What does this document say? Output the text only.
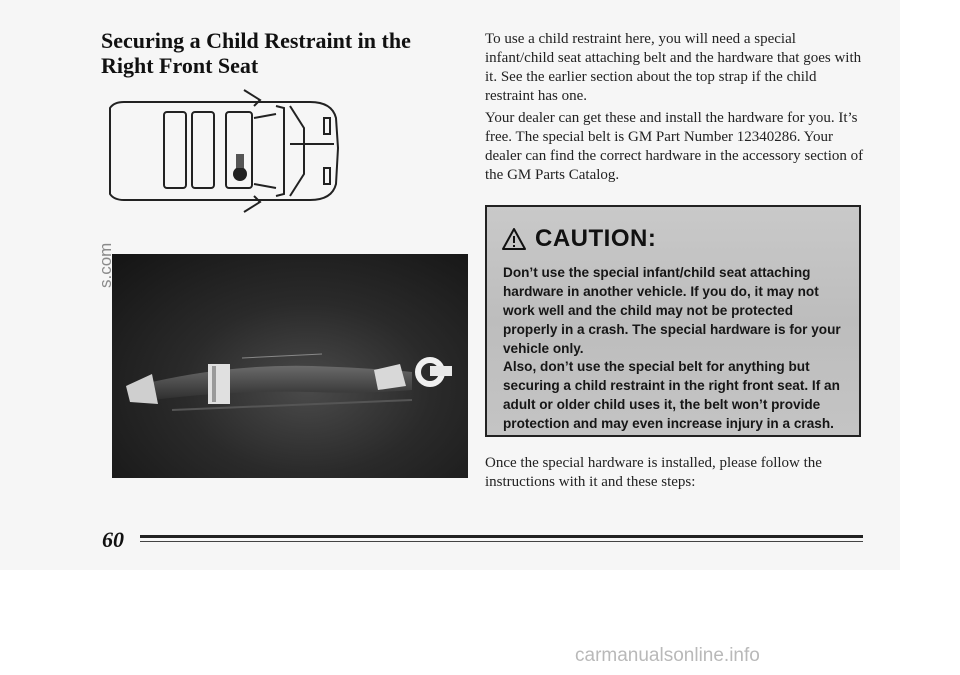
Securing a Child Restraint in the Right Front Seat

To use a child restraint here, you will need a special infant/child seat attaching belt and the hardware that goes with it. See the earlier section about the top strap if the child restraint has one.

Your dealer can get these and install the hardware for you. It’s free. The special belt is GM Part Number 12340286. Your dealer can find the correct hardware in the accessory section of the GM Parts Catalog.

CAUTION:

Don’t use the special infant/child seat attaching hardware in another vehicle. If you do, it may not work well and the child may not be protected properly in a crash. The special hardware is for your vehicle only.

Also, don’t use the special belt for anything but securing a child restraint in the right front seat. If an adult or older child uses it, the belt won’t provide protection and may even increase injury in a crash.

Once the special hardware is installed, please follow the instructions with it and these steps:

s.com
60
carmanualsonline.info
